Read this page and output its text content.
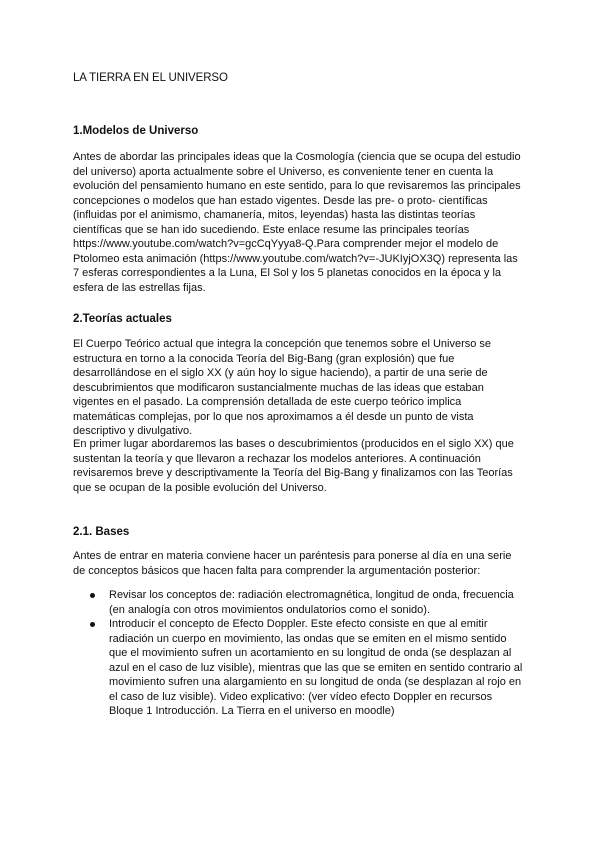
LA TIERRA EN EL UNIVERSO
1.Modelos de Universo
Antes de abordar las principales ideas que la Cosmología (ciencia que se ocupa del estudio
del universo) aporta actualmente sobre el Universo, es conveniente tener en cuenta la
evolución del pensamiento humano en este sentido, para lo que revisaremos las principales
concepciones o modelos que han estado vigentes. Desde las pre- o proto- científicas
(influidas por el animismo, chamanería, mitos, leyendas) hasta las distintas teorías
científicas que se han ido sucediendo. Este enlace resume las principales teorías
https://www.youtube.com/watch?v=gcCqYyya8-Q.Para comprender mejor el modelo de
Ptolomeo esta animación (https://www.youtube.com/watch?v=-JUKIyjOX3Q) representa las
7 esferas correspondientes a la Luna, El Sol y los 5 planetas conocidos en la época y la
esfera de las estrellas fijas.
2.Teorías actuales
El Cuerpo Teórico actual que integra la concepción que tenemos sobre el Universo se
estructura en torno a la conocida Teoría del Big-Bang (gran explosión) que fue
desarrollándose en el siglo XX (y aún hoy lo sigue haciendo), a partir de una serie de
descubrimientos que modificaron sustancialmente muchas de las ideas que estaban
vigentes en el pasado. La comprensión detallada de este cuerpo teórico implica
matemáticas complejas, por lo que nos aproximamos a él desde un punto de vista
descriptivo y divulgativo.
En primer lugar abordaremos las bases o descubrimientos (producidos en el siglo XX) que
sustentan la teoría y que llevaron a rechazar los modelos anteriores. A continuación
revisaremos breve y descriptivamente la Teoría del Big-Bang y finalizamos con las Teorías
que se ocupan de la posible evolución del Universo.
2.1. Bases
Antes de entrar en materia conviene hacer un paréntesis para ponerse al día en una serie
de conceptos básicos que hacen falta para comprender la argumentación posterior:
Revisar los conceptos de: radiación electromagnética, longitud de onda, frecuencia
(en analogía con otros movimientos ondulatorios como el sonido).
Introducir el concepto de Efecto Doppler. Este efecto consiste en que al emitir
radiación un cuerpo en movimiento, las ondas que se emiten en el mismo sentido
que el movimiento sufren un acortamiento en su longitud de onda (se desplazan al
azul en el caso de luz visible), mientras que las que se emiten en sentido contrario al
movimiento sufren una alargamiento en su longitud de onda (se desplazan al rojo en
el caso de luz visible). Video explicativo: (ver vídeo efecto Doppler en recursos
Bloque 1 Introducción. La Tierra en el universo en moodle)
